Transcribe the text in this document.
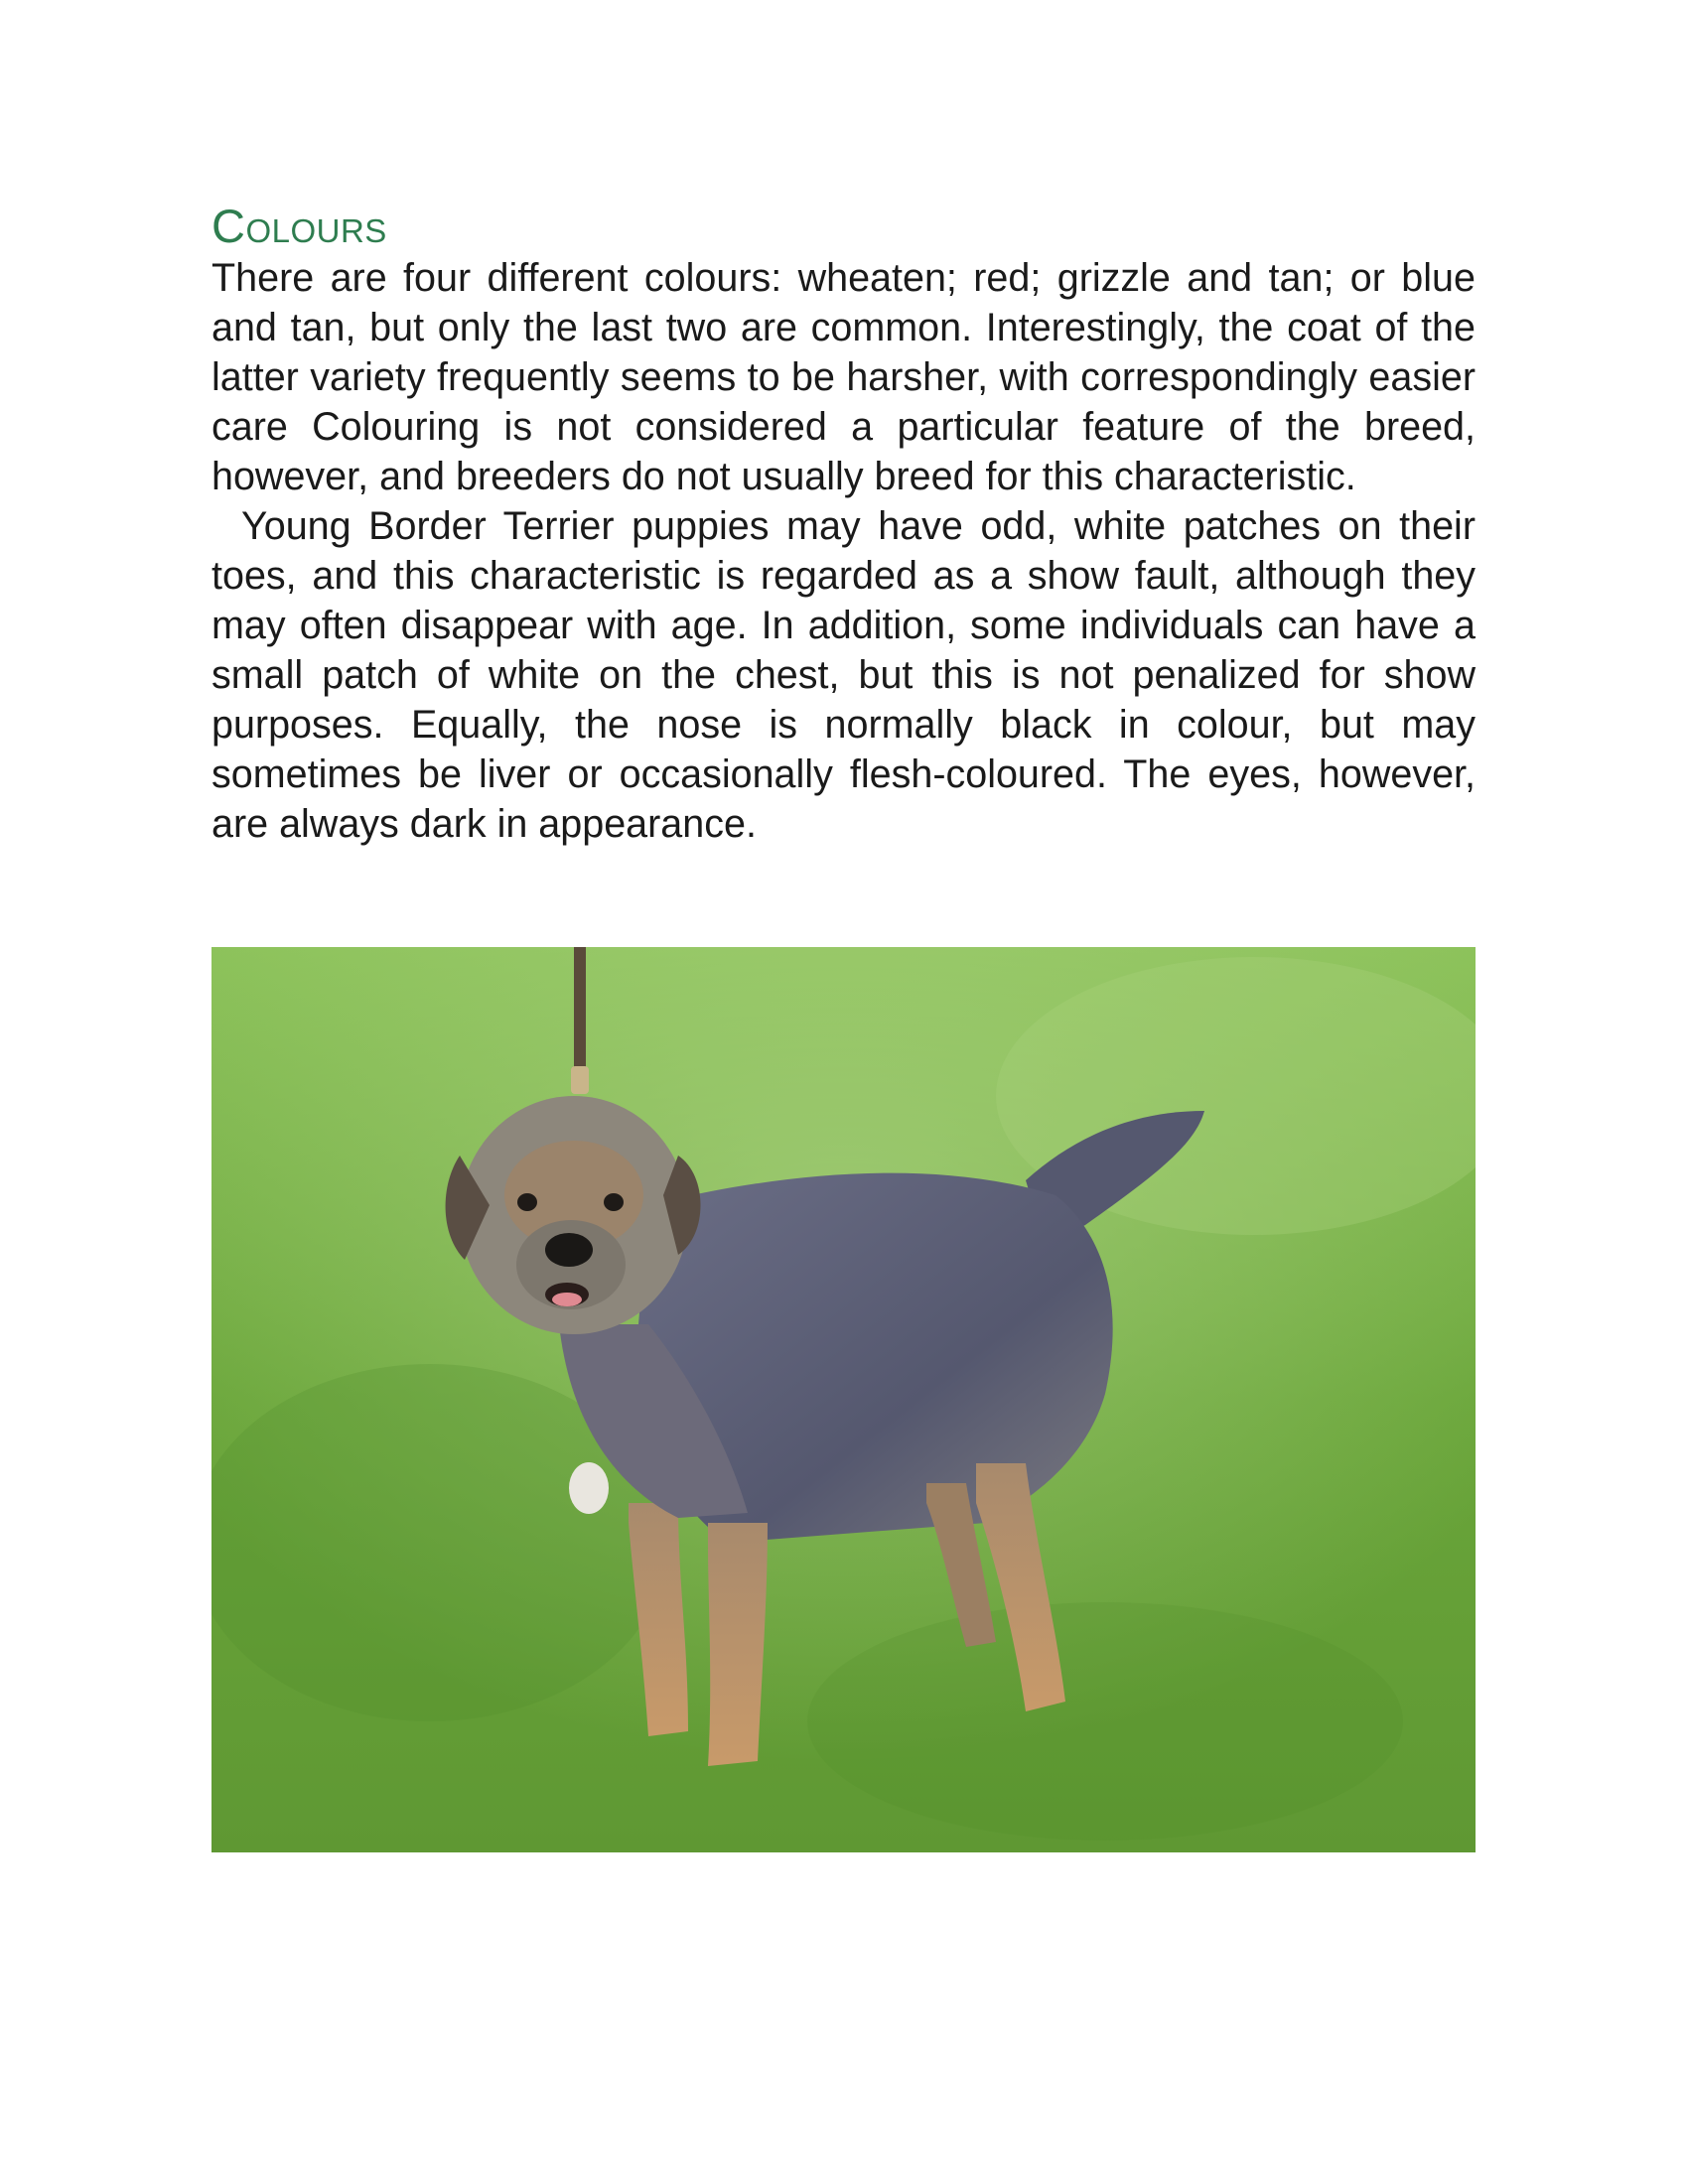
Colours

There are four different colours: wheaten; red; grizzle and tan; or blue and tan, but only the last two are common. Interestingly, the coat of the latter variety frequently seems to be harsher, with correspondingly easier care Colouring is not considered a particular feature of the breed, however, and breeders do not usually breed for this characteristic.

Young Border Terrier puppies may have odd, white patches on their toes, and this characteristic is regarded as a show fault, although they may often disappear with age. In addition, some individuals can have a small patch of white on the chest, but this is not penalized for show purposes. Equally, the nose is normally black in colour, but may sometimes be liver or occasionally flesh-coloured. The eyes, however, are always dark in appearance.
